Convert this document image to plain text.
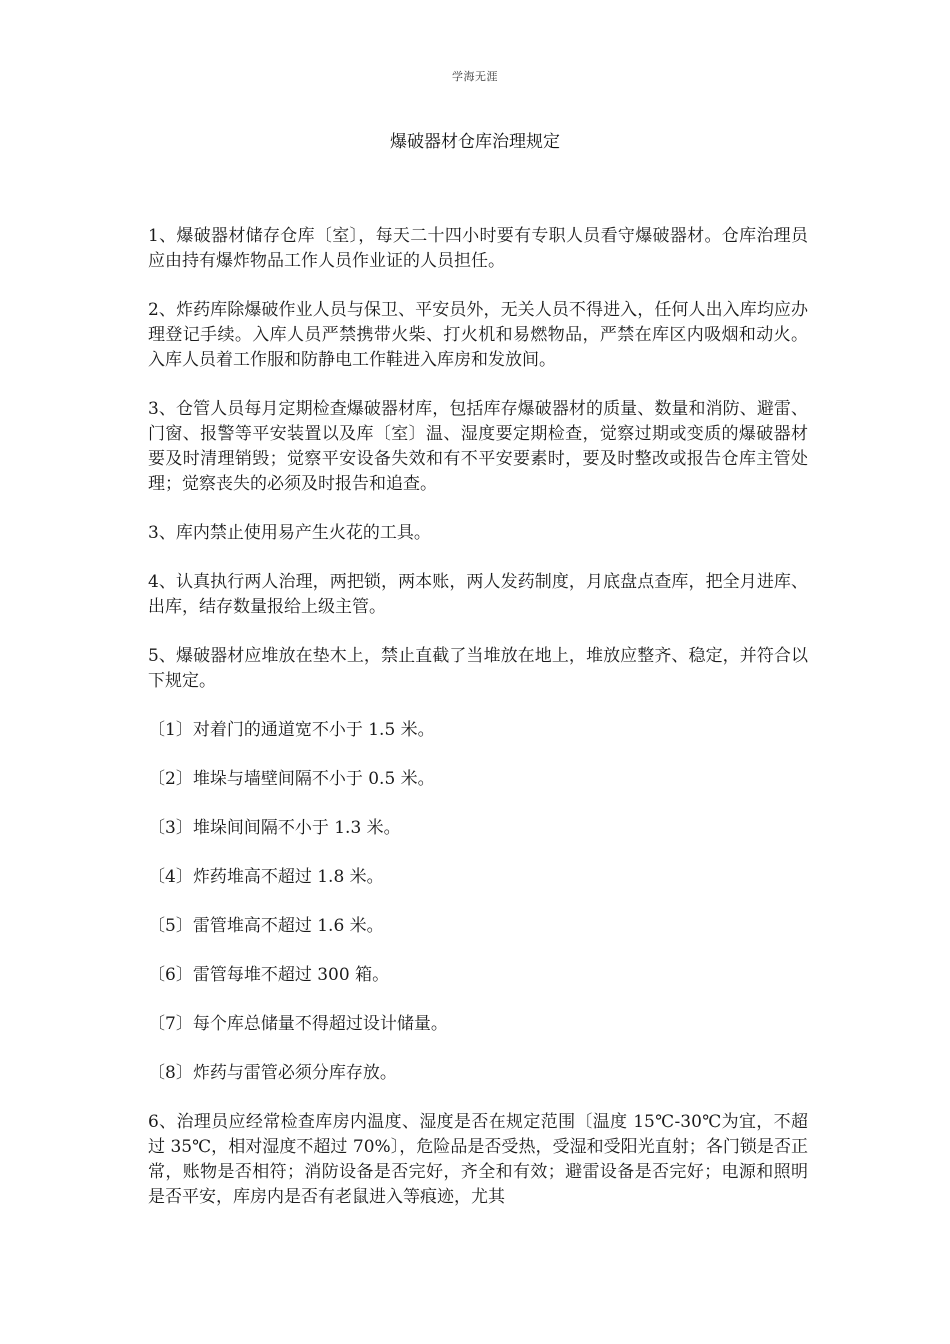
学海无涯
爆破器材仓库治理规定

1、爆破器材储存仓库〔室〕，每天二十四小时要有专职人员看守爆破器材。仓库治理员应由持有爆炸物品工作人员作业证的人员担任。

2、炸药库除爆破作业人员与保卫、平安员外，无关人员不得进入，任何人出入库均应办理登记手续。入库人员严禁携带火柴、打火机和易燃物品，严禁在库区内吸烟和动火。入库人员着工作服和防静电工作鞋进入库房和发放间。

3、仓管人员每月定期检查爆破器材库，包括库存爆破器材的质量、数量和消防、避雷、门窗、报警等平安装置以及库〔室〕温、湿度要定期检查，觉察过期或变质的爆破器材要及时清理销毁；觉察平安设备失效和有不平安要素时，要及时整改或报告仓库主管处理；觉察丧失的必须及时报告和追查。

3、库内禁止使用易产生火花的工具。

4、认真执行两人治理，两把锁，两本账，两人发药制度，月底盘点查库，把全月进库、出库，结存数量报给上级主管。

5、爆破器材应堆放在垫木上，禁止直截了当堆放在地上，堆放应整齐、稳定，并符合以下规定。

〔1〕对着门的通道宽不小于 1.5 米。

〔2〕堆垛与墙壁间隔不小于 0.5 米。

〔3〕堆垛间间隔不小于 1.3 米。

〔4〕炸药堆高不超过 1.8 米。

〔5〕雷管堆高不超过 1.6 米。

〔6〕雷管每堆不超过 300 箱。

〔7〕每个库总储量不得超过设计储量。

〔8〕炸药与雷管必须分库存放。

6、治理员应经常检查库房内温度、湿度是否在规定范围〔温度 15℃-30℃为宜，不超过 35℃，相对湿度不超过 70%〕，危险品是否受热，受湿和受阳光直射；各门锁是否正常，账物是否相符；消防设备是否完好，齐全和有效；避雷设备是否完好；电源和照明是否平安，库房内是否有老鼠进入等痕迹，尤其
